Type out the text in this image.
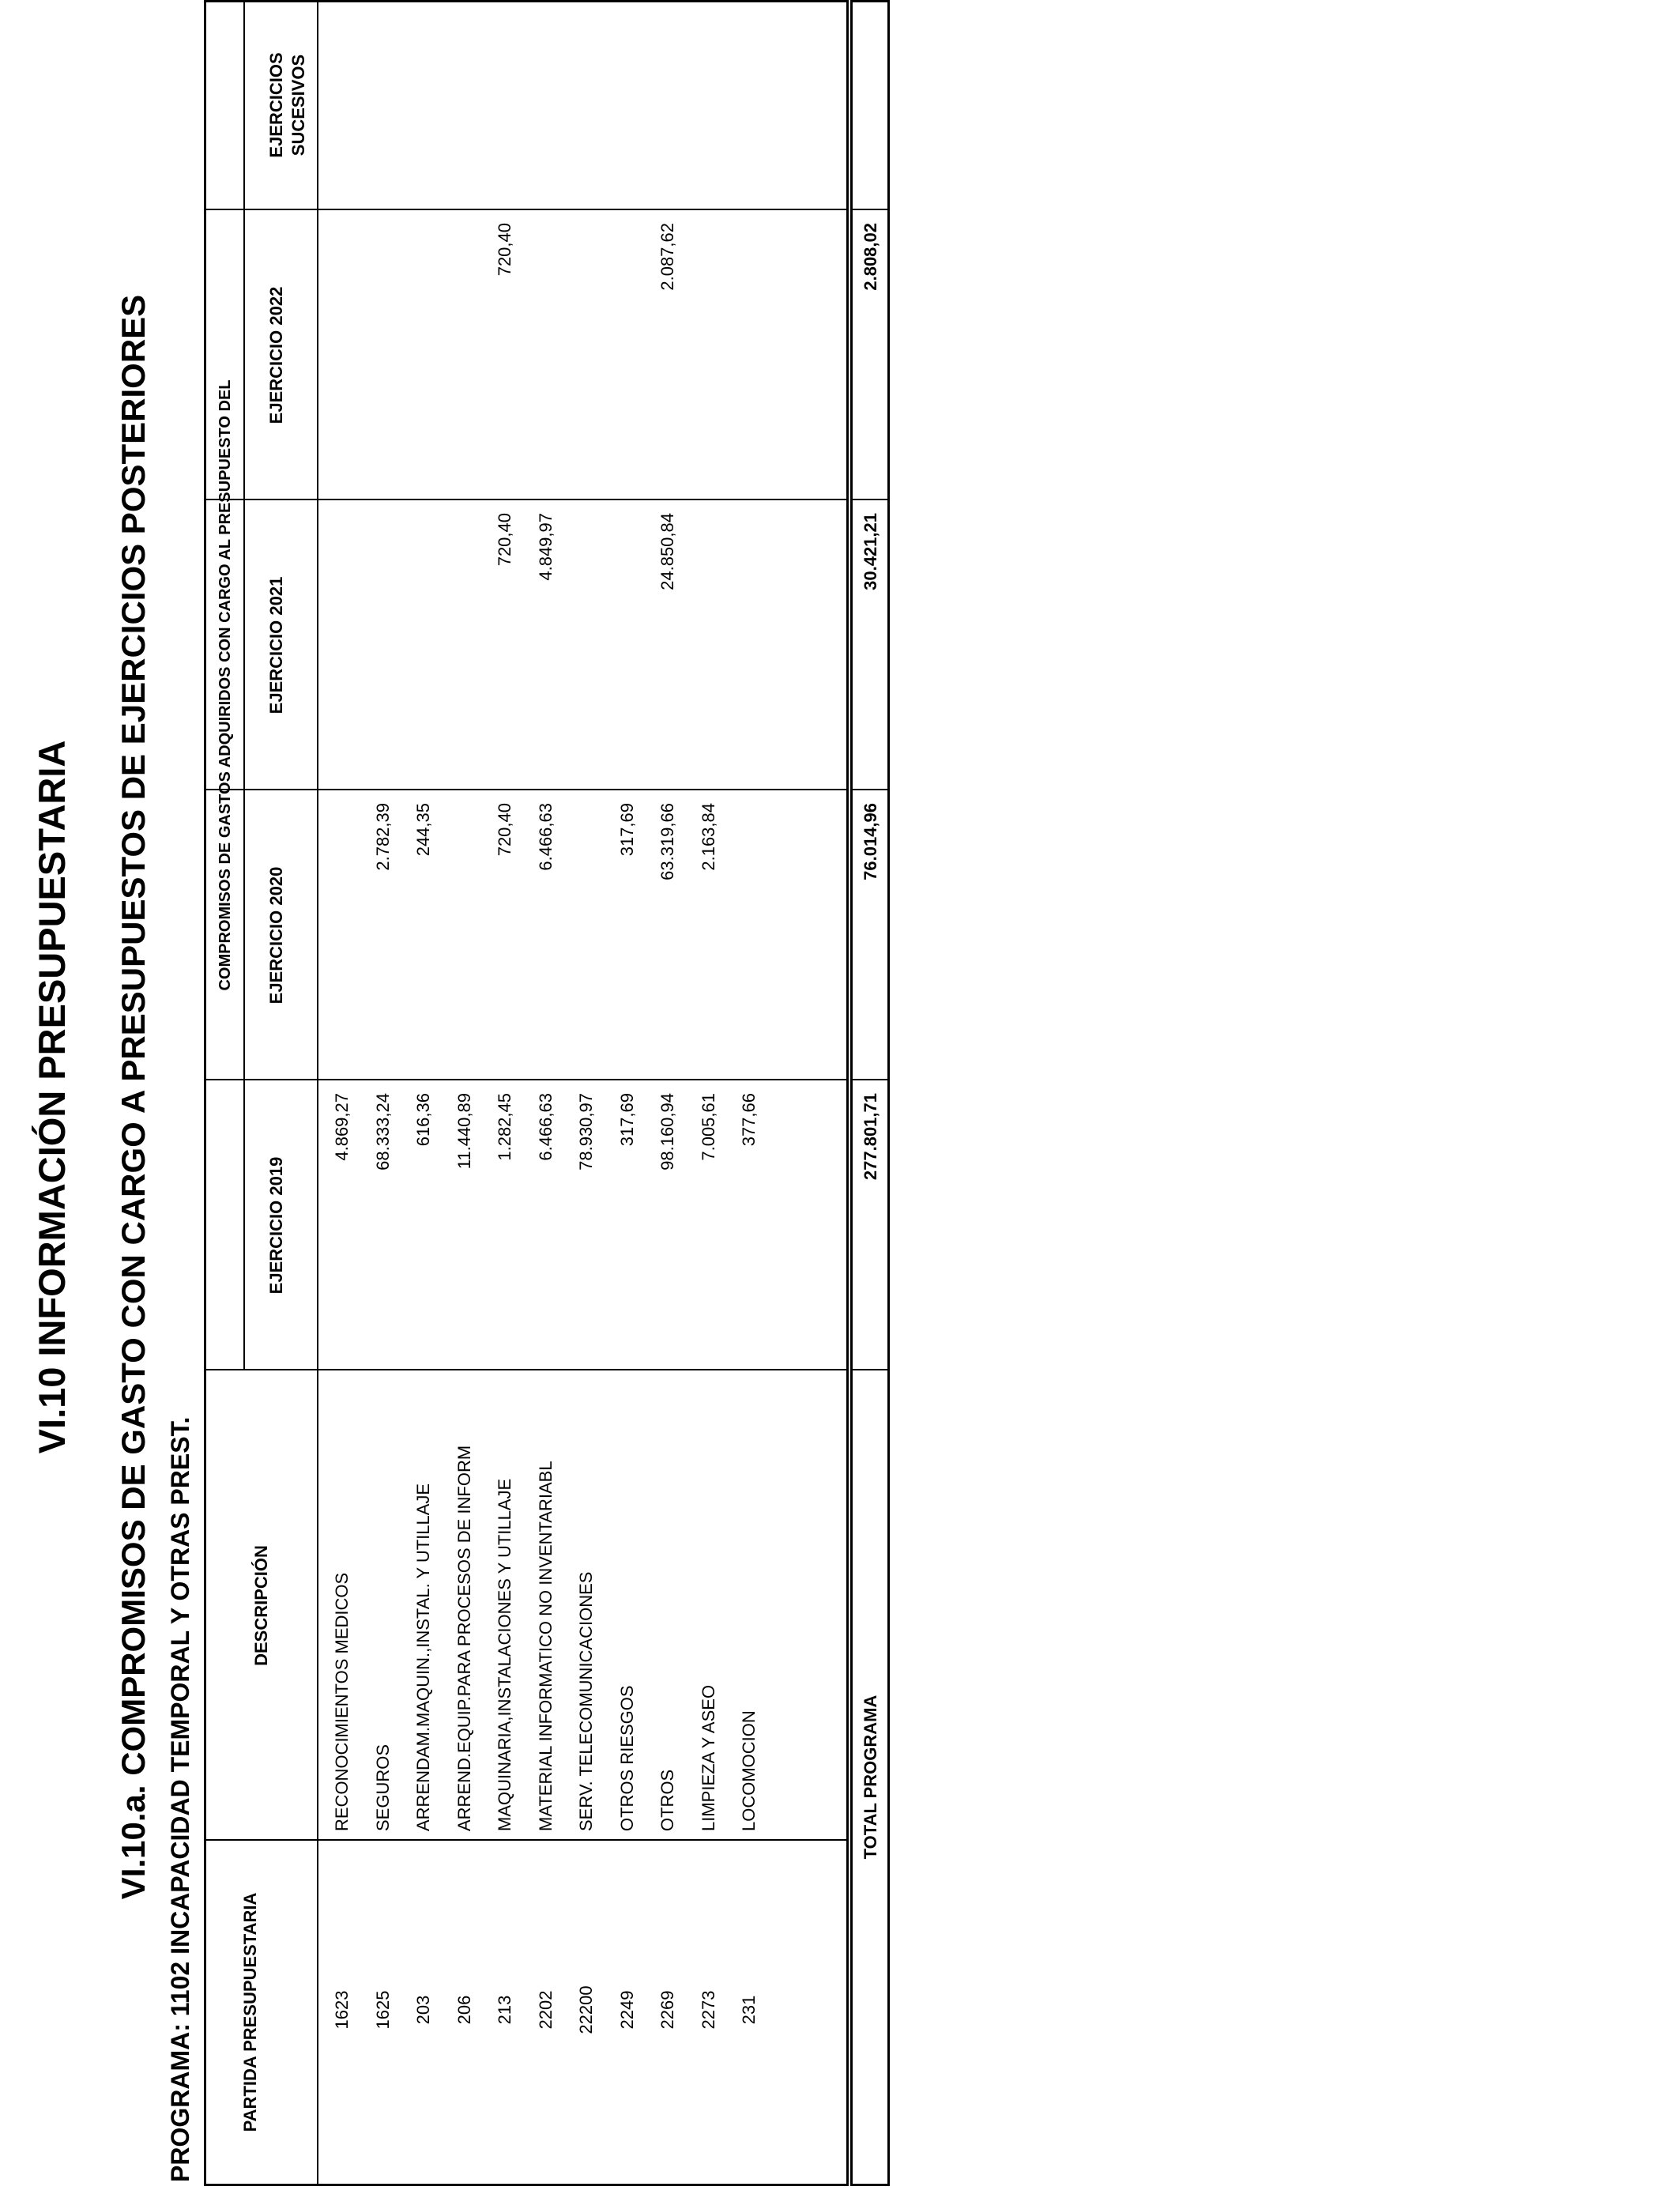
VI.10 INFORMACIÓN PRESUPUESTARIA VI.10.a. COMPROMISOS DE GASTO CON CARGO A PRESUPUESTOS DE EJERCICIOS POSTERIORES PROGRAMA: 1102 INCAPACIDAD TEMPORAL Y OTRAS PREST.	PARTIDA PRESUPUESTARIA
DESCRIPCIÓN
COMPROMISOS DE GASTOS ADQUIRIDOS CON CARGO AL PRESUPUESTO DEL
EJERCICIO 2019
EJERCICIO 2020
EJERCICIO 2021
EJERCICIO 2022
EJERCICIOS SUCESIVOS
1623
RECONOCIMIENTOS MEDICOS
4.869,27
1625
SEGUROS
68.333,24
2.782,39
203
ARRENDAM.MAQUIN.,INSTAL. Y UTILLAJE
616,36
244,35
206
ARREND.EQUIP.PARA PROCESOS DE INFORM
11.440,89
213
MAQUINARIA,INSTALACIONES Y UTILLAJE
1.282,45
720,40
720,40
720,40
2202
MATERIAL INFORMATICO NO INVENTARIABL
6.466,63
6.466,63
4.849,97
22200
SERV. TELECOMUNICACIONES
78.930,97
2249
OTROS RIESGOS
317,69
317,69
2269
OTROS
98.160,94
63.319,66
24.850,84
2.087,62
2273
LIMPIEZA Y ASEO
7.005,61
2.163,84
231
LOCOMOCION
377,66
TOTAL PROGRAMA
277.801,71
76.014,96
30.421,21
2.808,02
